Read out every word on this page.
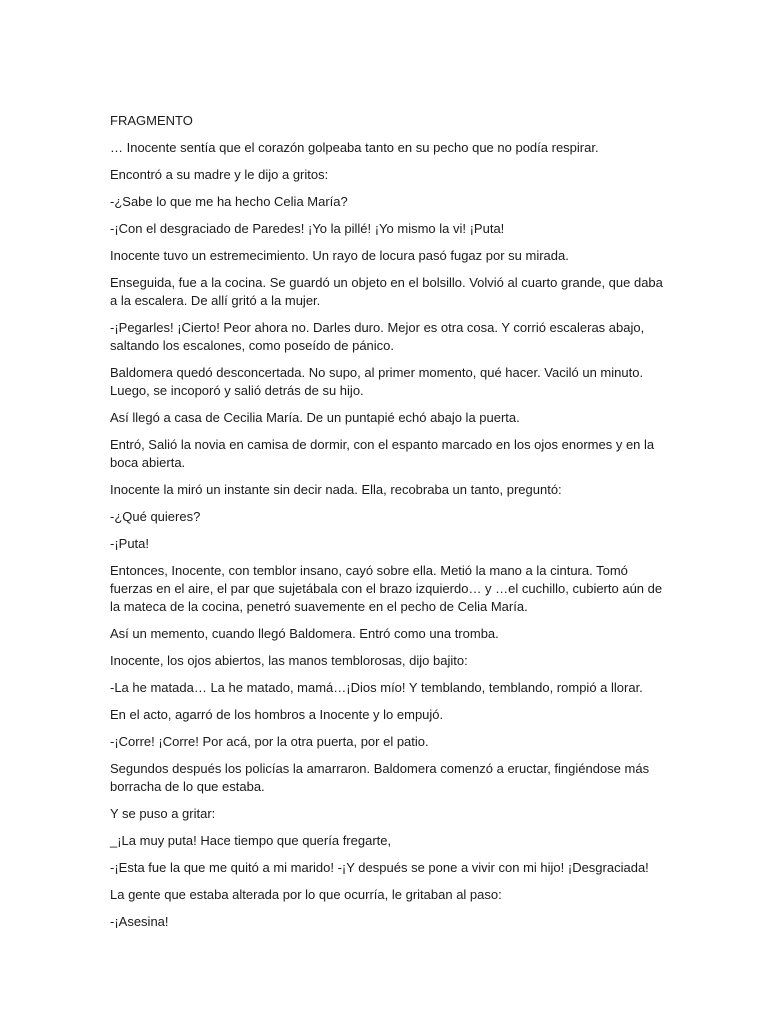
FRAGMENTO

… Inocente sentía que el corazón golpeaba tanto en su pecho que no podía respirar.

Encontró a su madre y le dijo a gritos:

-¿Sabe lo que me ha hecho Celia María?

-¡Con el desgraciado de Paredes! ¡Yo la pillé! ¡Yo mismo la vi! ¡Puta!

Inocente tuvo un estremecimiento. Un rayo de locura pasó fugaz por su mirada.

Enseguida, fue a la cocina. Se guardó un objeto en el bolsillo. Volvió al cuarto grande, que daba a la escalera. De allí gritó a la mujer.

-¡Pegarles! ¡Cierto! Peor ahora no. Darles duro. Mejor es otra cosa. Y corrió escaleras abajo, saltando los escalones, como poseído de pánico.

Baldomera quedó desconcertada. No supo, al primer momento, qué hacer. Vaciló un minuto. Luego, se incoporó y salió detrás de su hijo.

Así llegó a casa de Cecilia María. De un puntapié echó abajo la puerta.

Entró, Salió la novia en camisa de dormir, con el espanto marcado en los ojos enormes y en la boca abierta.

Inocente la miró un instante sin decir nada. Ella, recobraba un tanto, preguntó:

-¿Qué quieres?

-¡Puta!

Entonces, Inocente, con temblor insano, cayó sobre ella. Metió la mano a la cintura. Tomó fuerzas en el aire, el par que sujetábala con el brazo izquierdo… y …el cuchillo, cubierto aún de la mateca de la cocina, penetró suavemente en el pecho de Celia María.

Así un memento, cuando llegó Baldomera. Entró como una tromba.

Inocente, los ojos abiertos, las manos temblorosas, dijo bajito:

-La he matada… La he matado, mamá…¡Dios mío! Y temblando, temblando, rompió a llorar.

En el acto, agarró de los hombros a Inocente y lo empujó.

-¡Corre! ¡Corre! Por acá, por la otra puerta, por el patio.

Segundos después los policías la amarraron. Baldomera comenzó a eructar, fingiéndose más borracha de lo que estaba.

Y se puso a gritar:

_¡La muy puta! Hace tiempo que quería fregarte,

-¡Esta fue la que me quitó a mi marido! -¡Y después se pone a vivir con mi hijo! ¡Desgraciada!

La gente que estaba alterada por lo que ocurría, le gritaban al paso:

-¡Asesina!
